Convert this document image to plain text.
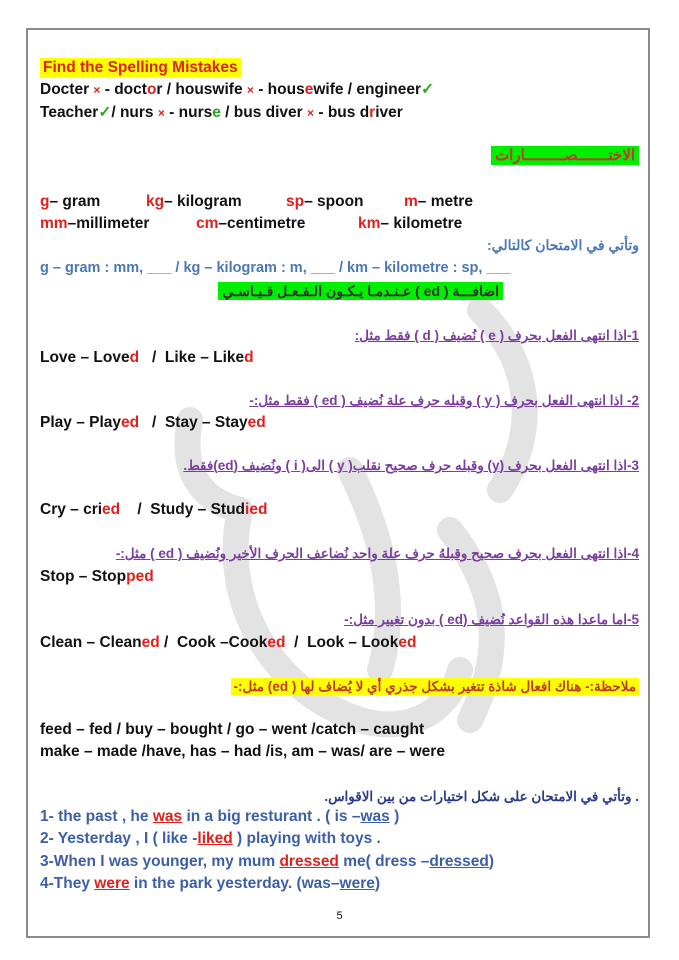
Find the Spelling Mistakes
Docter × - doctor / houswife × - housewife / engineer✓
Teacher✓/ nurs × - nurse / bus diver × - bus driver
الاختـــــــصـــــــــارات
g– gram	kg– kilogram	sp– spoon	m– metre
mm–millimeter	cm–centimetre	km– kilometre
وتأتي في الامتحان كالتالي:
g – gram : mm, ___ / kg – kilogram : m, ___ / km – kilometre : sp, ___
اضافـــة ( ed ) عـنـدمـا يـكـون الـفـعـل قـيـاسـي
1-اذا انتهى الفعل بحرف ( e ) نُضيف ( d ) فقط مثل:
Love – Loved   /  Like – Liked
2- اذا انتهى الفعل بحرف ( y ) وقبله حرف علة نُضيف ( ed ) فقط مثل:-
Play – Played   /  Stay – Stayed
3-اذا انتهى الفعل بحرف (y) وقبله حرف صحيح نقلب( y ) الى( i ) ونُضيف (ed)فقط.
Cry – cried    /  Study – Studied
4-اذا انتهى الفعل بحرف صحيح وقبلهُ حرف علة واحد نُضاعف الحرف الأخير ونُضيف ( ed ) مثل:-
Stop – Stopped
5-اما ماعدا هذه القواعد نُضيف (ed ) بدون تغيير مثل:-
Clean – Cleaned /  Cook –Cooked  /  Look – Looked
ملاحظة:- هناك افعال شاذة تتغير بشكل جذري أي لا يُضاف لها ( ed) مثل:-
feed – fed / buy – bought / go – went /catch – caught
make – made /have, has – had /is, am – was/ are – were
. وتأتي في الامتحان على شكل اختيارات من بين الاقواس.
1- the past , he was in a big resturant . ( is –was )
2- Yesterday , I ( like -liked ) playing with toys .
3-When I was younger, my mum dressed me( dress –dressed)
4-They were in the park yesterday. (was–were)
5
